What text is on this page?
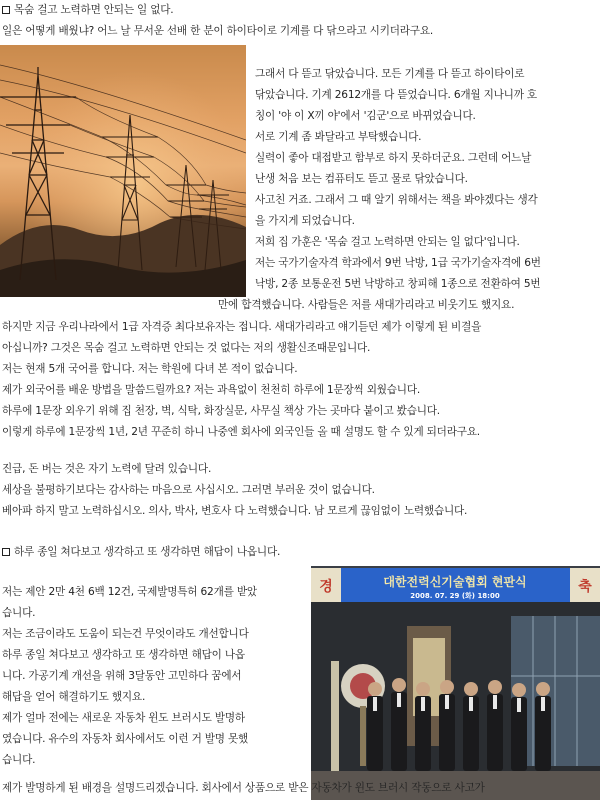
목숨 걸고 노력하면 안되는 일 없다.
일은 어떻게 배웠냐? 어느 날 무서운 선배 한 분이 하이타이로 기계를 다 닦으라고 시키더라구요.
그래서 다 뜯고 닦았습니다. 모든 기계를 다 뜯고 하이타이로
닦았습니다. 기계 2612개를 다 뜯었습니다. 6개월 지나니까 호
칭이 '야 이 X끼 야'에서 '김군'으로 바뀌었습니다.
서로 기계 좀 봐달라고 부탁했습니다.
실력이 좋아 대접받고 함부로 하지 못하더군요. 그런데 어느날
난생 처음 보는 컴퓨터도 뜯고 물로 닦았습니다.
사고친 거죠. 그래서 그 때 알기 위해서는 책을 봐야겠다는 생각
을 가지게 되었습니다.
저희 집 가훈은 '목숨 걸고 노력하면 안되는 일 없다'입니다.
저는 국가기술자격 학과에서 9번 낙방, 1급 국가기술자격에 6번
낙방, 2종 보통운전 5번 낙방하고 창피해 1종으로 전환하여 5번
만에 합격했습니다. 사람들은 저를 새대가리라고 비웃기도 했지요.
하지만 지금 우리나라에서 1급 자격증 최다보유자는 접니다. 새대가리라고 얘기듣던 제가 이렇게 된 비결을
아십니까? 그것은 목숨 걸고 노력하면 안되는 것 없다는 저의 생활신조때문입니다.
저는 현재 5개 국어를 합니다. 저는 학원에 다녀 본 적이 없습니다.
제가 외국어를 배운 방법을 말씀드릴까요? 저는 과욕없이 천천히 하루에 1문장씩 외웠습니다.
하루에 1문장 외우기 위해 집 천장, 벽, 식탁, 화장실문, 사무실 책상 가는 곳마다 붙이고 봤습니다.
이렇게 하루에 1문장씩 1년, 2년 꾸준히 하니 나중엔 회사에 외국인들 올 때 설명도 할 수 있게 되더라구요.
진급, 돈 버는 것은 자기 노력에 달려 있습니다.
세상을 불평하기보다는 감사하는 마음으로 사십시오. 그러면 부러운 것이 없습니다.
베아파 하지 말고 노력하십시오. 의사, 박사, 변호사 다 노력했습니다. 남 모르게 끊임없이 노력했습니다.
하루 종일 쳐다보고 생각하고 또 생각하면 해답이 나옵니다.
저는 제안 2만 4천 6백 12건, 국제발명특허 62개를 받았
습니다.
저는 조금이라도 도움이 되는건 무엇이라도 개선합니다
하루 종일 쳐다보고 생각하고 또 생각하면 해답이 나옵
니다. 가공기계 개선을 위해 3달동안 고민하다 꿈에서
해답을 얻어 해결하기도 했지요.
제가 얼마 전에는 새로운 자동차 윈도 브러시도 발명하
였습니다. 유수의 자동차 회사에서도 이런 거 발명 못했
습니다.
경	축
대한전력신기술협회 현판식
2008. 07. 29 (화) 18:00
제가 발명하게 된 배경을 설명드리겠습니다. 회사에서 상품으로 받은 자동차가 윈도 브러시 작동으로 사고가
